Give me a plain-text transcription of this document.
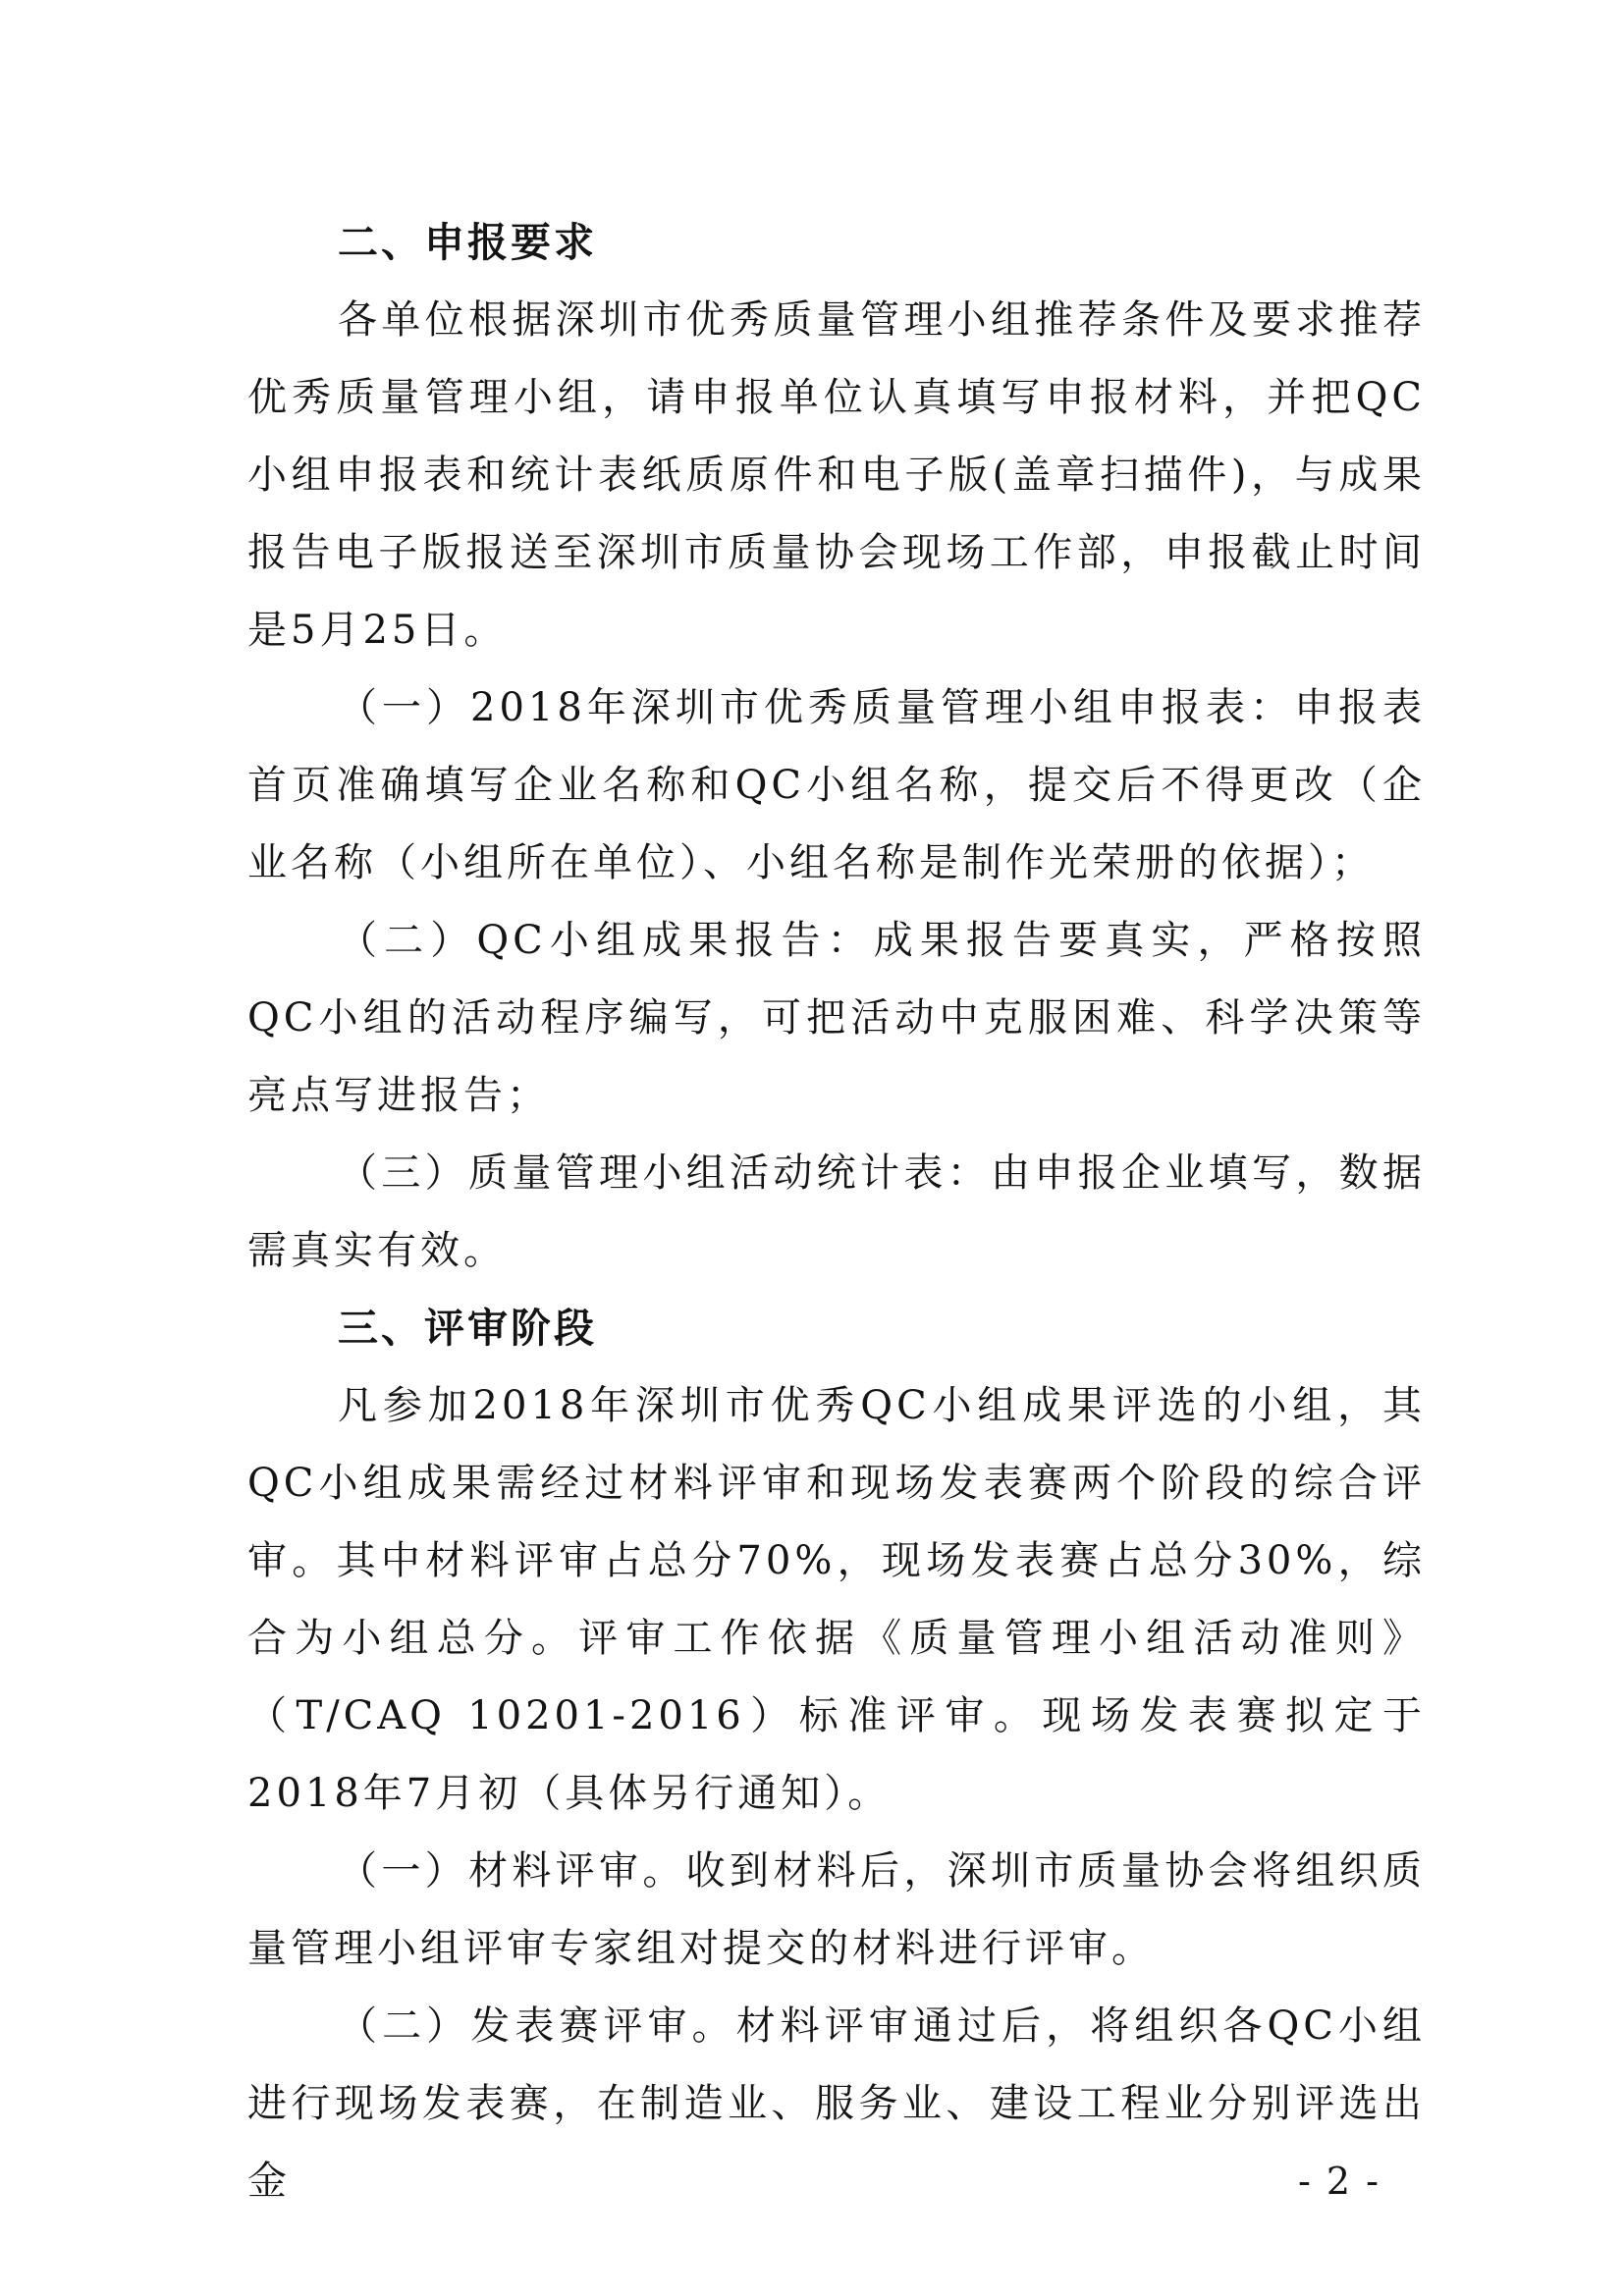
二、申报要求

各单位根据深圳市优秀质量管理小组推荐条件及要求推荐优秀质量管理小组，请申报单位认真填写申报材料，并把QC小组申报表和统计表纸质原件和电子版(盖章扫描件)，与成果报告电子版报送至深圳市质量协会现场工作部，申报截止时间是5月25日。

（一）2018年深圳市优秀质量管理小组申报表：申报表首页准确填写企业名称和QC小组名称，提交后不得更改（企业名称（小组所在单位）、小组名称是制作光荣册的依据）；

（二）QC小组成果报告：成果报告要真实，严格按照QC小组的活动程序编写，可把活动中克服困难、科学决策等亮点写进报告；

（三）质量管理小组活动统计表：由申报企业填写，数据需真实有效。

三、评审阶段

凡参加2018年深圳市优秀QC小组成果评选的小组，其QC小组成果需经过材料评审和现场发表赛两个阶段的综合评审。其中材料评审占总分70%，现场发表赛占总分30%，综合为小组总分。评审工作依据《质量管理小组活动准则》（T/CAQ 10201-2016）标准评审。现场发表赛拟定于2018年7月初（具体另行通知）。

（一）材料评审。收到材料后，深圳市质量协会将组织质量管理小组评审专家组对提交的材料进行评审。

（二）发表赛评审。材料评审通过后，将组织各QC小组进行现场发表赛，在制造业、服务业、建设工程业分别评选出金	- 2 -
